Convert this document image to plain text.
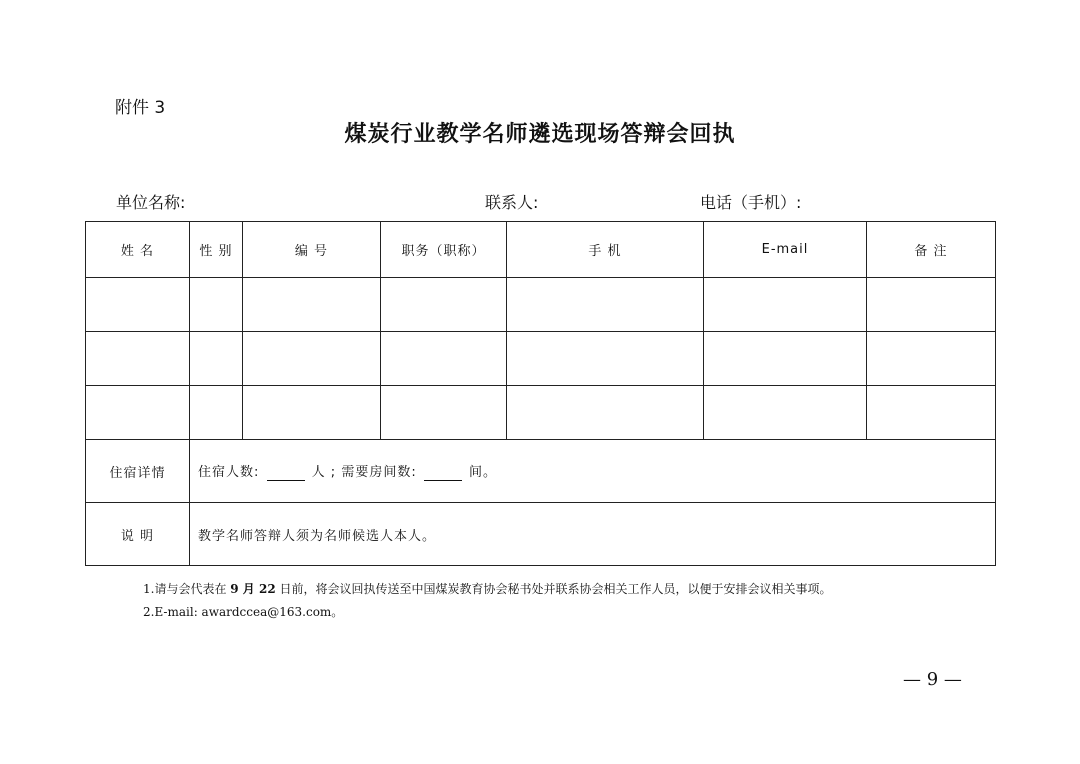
附件 3
煤炭行业教学名师遴选现场答辩会回执
单位名称:	联系人:	电话（手机）:
姓 名	性 别	编 号	职务（职称）	手 机	E-mail	备 注

住宿详情	住宿人数: 人 ; 需要房间数: 间。					
说 明	教学名师答辩人须为名师候选人本人。					
1.请与会代表在 9 月 22 日前，将会议回执传送至中国煤炭教育协会秘书处并联系协会相关工作人员，以便于安排会议相关事项。
2.E-mail: awardccea@163.com。
— 9 —
